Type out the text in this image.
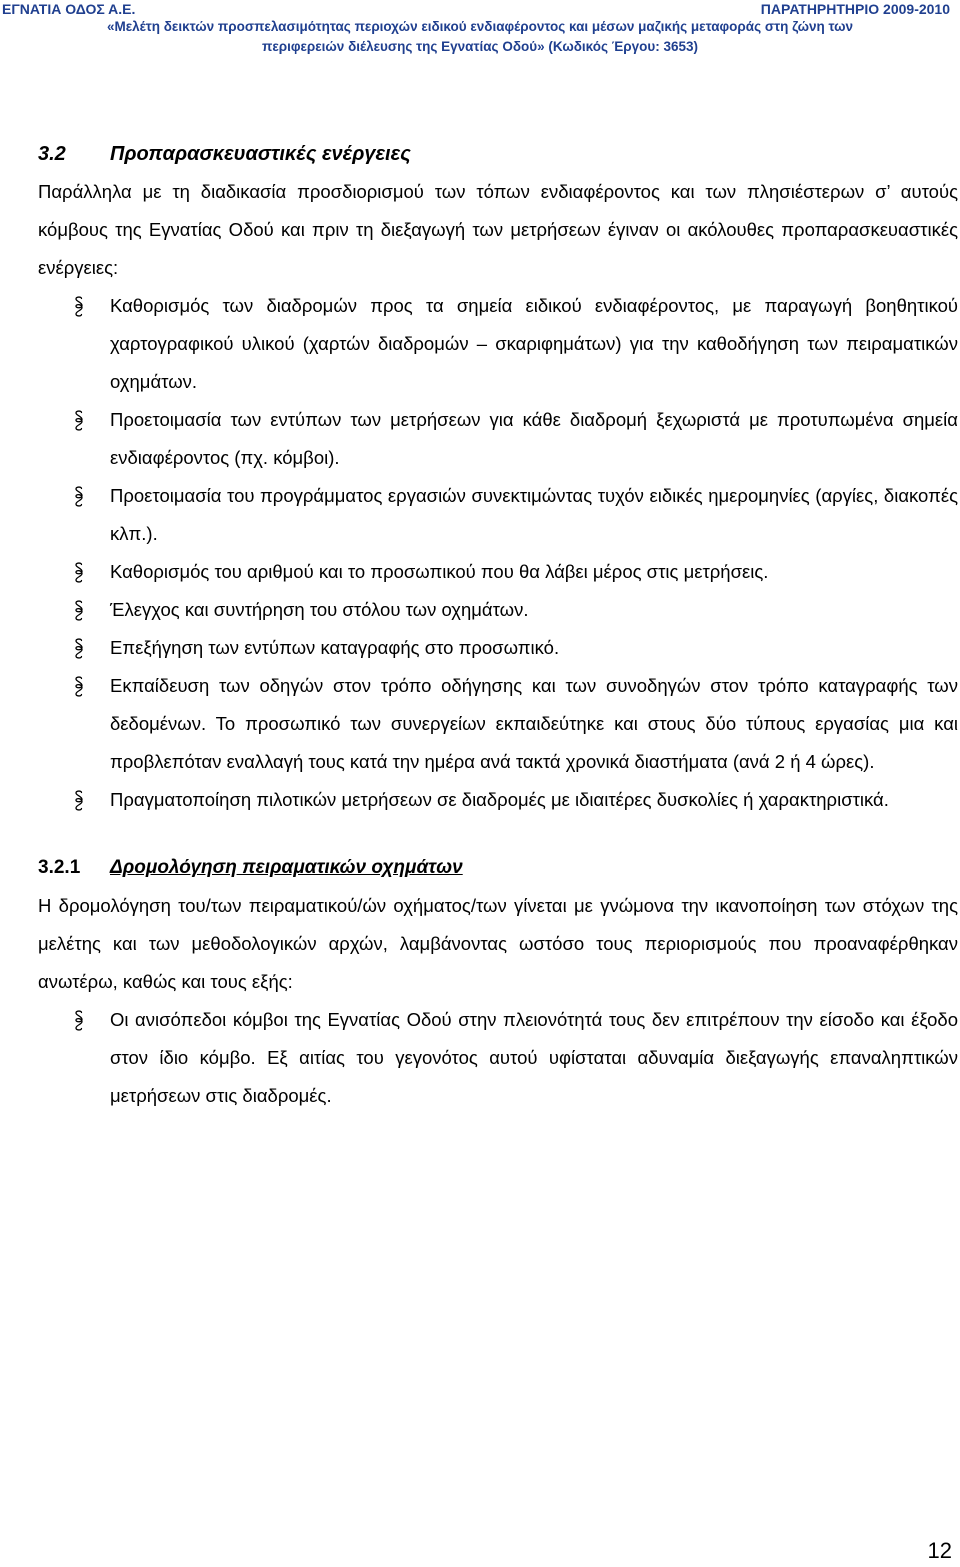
ΕΓΝΑΤΙΑ ΟΔΟΣ Α.Ε.	ΠΑΡΑΤΗΡΗΤΗΡΙΟ 2009-2010
«Μελέτη δεικτών προσπελασιμότητας περιοχών ειδικού ενδιαφέροντος και μέσων μαζικής μεταφοράς στη ζώνη των
περιφερειών διέλευσης της Εγνατίας Οδού» (Κωδικός Έργου: 3653)
3.2	Προπαρασκευαστικές ενέργειες
Παράλληλα με τη διαδικασία προσδιορισμού των τόπων ενδιαφέροντος και των πλησιέστερων σ’ αυτούς κόμβους της Εγνατίας Οδού και πριν τη διεξαγωγή των μετρήσεων έγιναν οι ακόλουθες προπαρασκευαστικές ενέργειες:
Καθορισμός των διαδρομών προς τα σημεία ειδικού ενδιαφέροντος, με παραγωγή βοηθητικού χαρτογραφικού υλικού (χαρτών διαδρομών – σκαριφημάτων) για την καθοδήγηση των πειραματικών οχημάτων.
Προετοιμασία των εντύπων των μετρήσεων για κάθε διαδρομή ξεχωριστά με προτυπωμένα σημεία ενδιαφέροντος (πχ. κόμβοι).
Προετοιμασία του προγράμματος εργασιών συνεκτιμώντας τυχόν ειδικές ημερομηνίες (αργίες, διακοπές κλπ.).
Καθορισμός του αριθμού και το προσωπικού που θα λάβει μέρος στις μετρήσεις.
Έλεγχος και συντήρηση του στόλου των οχημάτων.
Επεξήγηση των εντύπων καταγραφής στο προσωπικό.
Εκπαίδευση των οδηγών στον τρόπο οδήγησης και των συνοδηγών στον τρόπο καταγραφής των δεδομένων. Το προσωπικό των συνεργείων εκπαιδεύτηκε και στους δύο τύπους εργασίας μια και προβλεπόταν εναλλαγή τους κατά την ημέρα ανά τακτά χρονικά διαστήματα (ανά 2 ή 4 ώρες).
Πραγματοποίηση πιλοτικών μετρήσεων σε διαδρομές με ιδιαιτέρες δυσκολίες ή χαρακτηριστικά.
3.2.1	Δρομολόγηση πειραματικών οχημάτων
Η δρομολόγηση του/των πειραματικού/ών οχήματος/των γίνεται με γνώμονα την ικανοποίηση των στόχων της μελέτης και των μεθοδολογικών αρχών, λαμβάνοντας ωστόσο τους περιορισμούς που προαναφέρθηκαν ανωτέρω, καθώς και τους εξής:
Οι ανισόπεδοι κόμβοι της Εγνατίας Οδού στην πλειονότητά τους δεν επιτρέπουν την είσοδο και έξοδο στον ίδιο κόμβο. Εξ αιτίας του γεγονότος αυτού υφίσταται αδυναμία διεξαγωγής επαναληπτικών μετρήσεων στις διαδρομές.
12
